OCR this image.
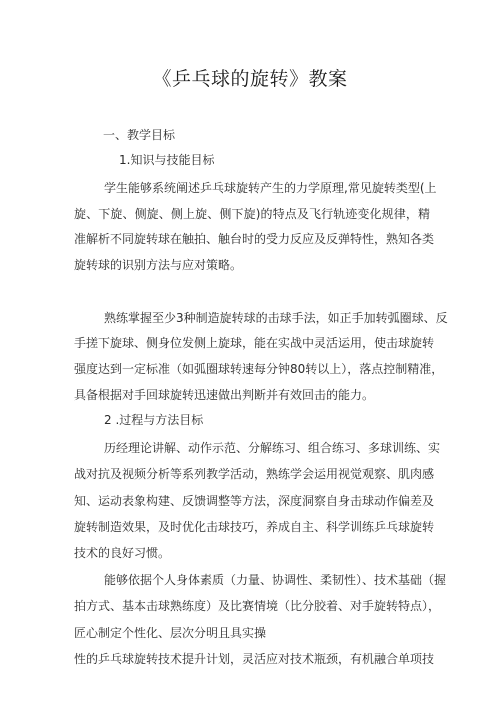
《乒乓球的旋转》教案
一、教学目标
1.知识与技能目标
学生能够系统阐述乒乓球旋转产生的力学原理,常见旋转类型(上
旋、下旋、侧旋、侧上旋、侧下旋)的特点及飞行轨迹变化规律，精
准解析不同旋转球在触拍、触台时的受力反应及反弹特性，熟知各类
旋转球的识别方法与应对策略。
熟练掌握至少3种制造旋转球的击球手法，如正手加转弧圈球、反
手搓下旋球、侧身位发侧上旋球，能在实战中灵活运用，使击球旋转
强度达到一定标准（如弧圈球转速每分钟80转以上），落点控制精准，
具备根据对手回球旋转迅速做出判断并有效回击的能力。
2 .过程与方法目标
历经理论讲解、动作示范、分解练习、组合练习、多球训练、实
战对抗及视频分析等系列教学活动，熟练学会运用视觉观察、肌肉感
知、运动表象构建、反馈调整等方法，深度洞察自身击球动作偏差及
旋转制造效果，及时优化击球技巧，养成自主、科学训练乒乓球旋转
技术的良好习惯。
能够依据个人身体素质（力量、协调性、柔韧性）、技术基础（握
拍方式、基本击球熟练度）及比赛情境（比分胶着、对手旋转特点），
匠心制定个性化、层次分明且具实操
性的乒乓球旋转技术提升计划，灵活应对技术瓶颈，有机融合单项技
